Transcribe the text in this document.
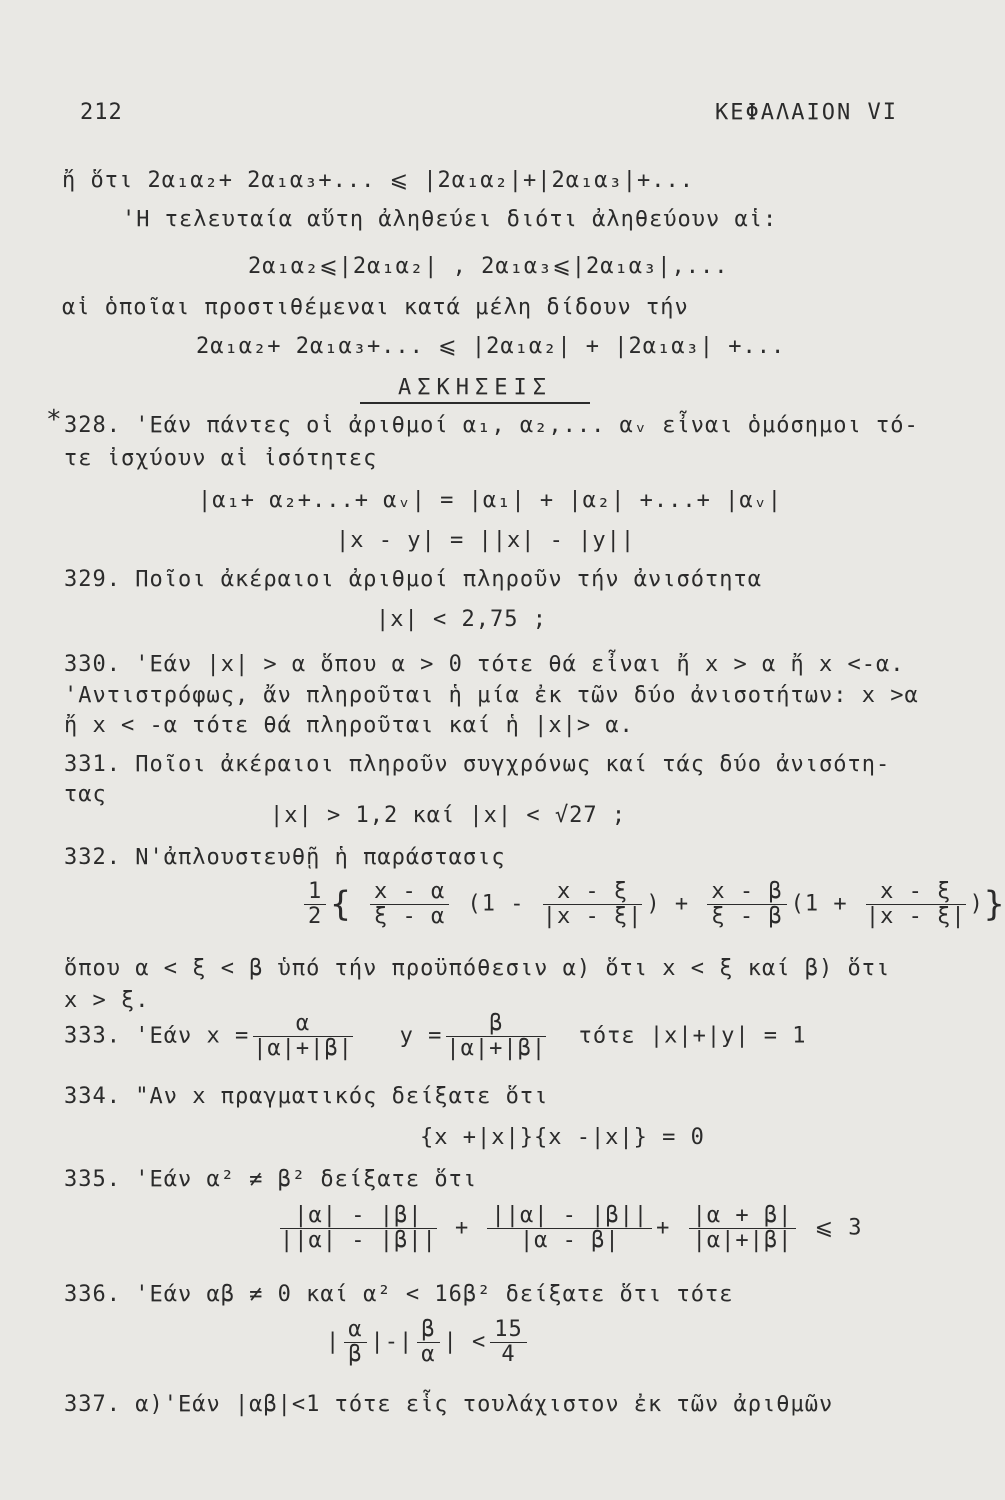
212	ΚΕΦΑΛΑΙΟΝ VI
ἤ ὅτι 2α₁α₂+ 2α₁α₃+... ⩽ |2α₁α₂|+|2α₁α₃|+...
'Η τελευταία αὕτη ἀληθεύει διότι ἀληθεύουν αἱ:
2α₁α₂⩽|2α₁α₂| , 2α₁α₃⩽|2α₁α₃|,...
αἱ ὁποῖαι προστιθέμεναι κατά μέλη δίδουν τήν
2α₁α₂+ 2α₁α₃+... ⩽ |2α₁α₂| + |2α₁α₃| +...
ΑΣΚΗΣΕΙΣ
* 328. 'Εάν πάντες οἱ ἀριθμοί α₁, α₂,... αᵥ εἶναι ὁμόσημοι τό-
τε ἰσχύουν αἱ ἰσότητες
|α₁+ α₂+...+ αᵥ| = |α₁| + |α₂| +...+ |αᵥ|
|x - y| = ||x| - |y||
329. Ποῖοι ἀκέραιοι ἀριθμοί πληροῦν τήν ἀνισότητα
|x| < 2,75 ;
330. 'Εάν |x| > α ὅπου α > 0 τότε θά εἶναι ἤ x > α ἤ x <-α.
'Αντιστρόφως, ἄν πληροῦται ἡ μία ἐκ τῶν δύο ἀνισοτήτων: x >α
ἤ x < -α τότε θά πληροῦται καί ἡ |x|> α.
331. Ποῖοι ἀκέραιοι πληροῦν συγχρόνως καί τάς δύο ἀνισότη-
τας
|x| > 1,2 καί |x| < √27 ;
332. Ν'ἀπλουστευθῇ ἡ παράστασις
$\frac{1}{2}$ { $\frac{x - \alpha}{\xi - \alpha} (1 - \frac{x - \xi}{|x - \xi|}$ ) + $\frac{x - \beta}{\xi - \beta} (1 + \frac{x - \xi}{|x - \xi|}$ )}
ὅπου α < ξ < β ὑπό τήν προϋπόθεσιν α) ὅτι x < ξ καί β) ὅτι
x > ξ.
333. 'Εάν $x = \frac{\alpha}{|\alpha|+|\beta|}$ $y = \frac{\beta}{|\alpha|+|\beta|}$ τότε |x|+|y| = 1
334. "Αν x πραγματικός δείξατε ὅτι
{x +|x|}{x -|x|} = 0
335. 'Εάν α² ≠ β² δείξατε ὅτι
$\frac{|\alpha| - |\beta|}{||\alpha| - |\beta||} + \frac{||\alpha| - |\beta||}{|\alpha - \beta|} + \frac{|\alpha + \beta|}{|\alpha|+|\beta|}$ ⩽ 3
336. 'Εάν αβ ≠ 0 καί α² < 16β² δείξατε ὅτι τότε
| $\frac{\alpha}{\beta}$ |-| $\frac{\beta}{\alpha}$ | < $\frac{15}{4}$
337. α)'Εάν |αβ|<1 τότε εἷς τουλάχιστον ἐκ τῶν ἀριθμῶν
